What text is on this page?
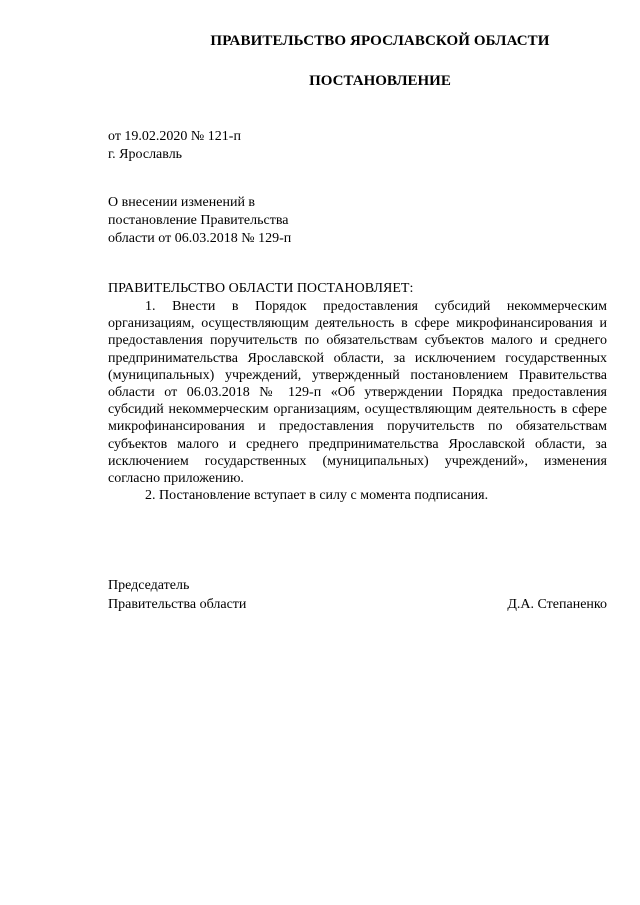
ПРАВИТЕЛЬСТВО ЯРОСЛАВСКОЙ ОБЛАСТИ
ПОСТАНОВЛЕНИЕ

от 19.02.2020 № 121-п

г. Ярославль

О внесении изменений в
постановление Правительства
области от 06.03.2018 № 129-п

ПРАВИТЕЛЬСТВО ОБЛАСТИ ПОСТАНОВЛЯЕТ:

1. Внести в Порядок предоставления субсидий некоммерческим организациям, осуществляющим деятельность в сфере микрофинансирования и предоставления поручительств по обязательствам субъектов малого и среднего предпринимательства Ярославской области, за исключением государственных (муниципальных) учреждений, утвержденный постановлением Правительства области от 06.03.2018 № 129-п «Об утверждении Порядка предоставления субсидий некоммерческим организациям, осуществляющим деятельность в сфере микрофинансирования и предоставления поручительств по обязательствам субъектов малого и среднего предпринимательства Ярославской области, за исключением государственных (муниципальных) учреждений», изменения согласно приложению.

2. Постановление вступает в силу с момента подписания.

Председатель
Правительства области	Д.А. Степаненко
